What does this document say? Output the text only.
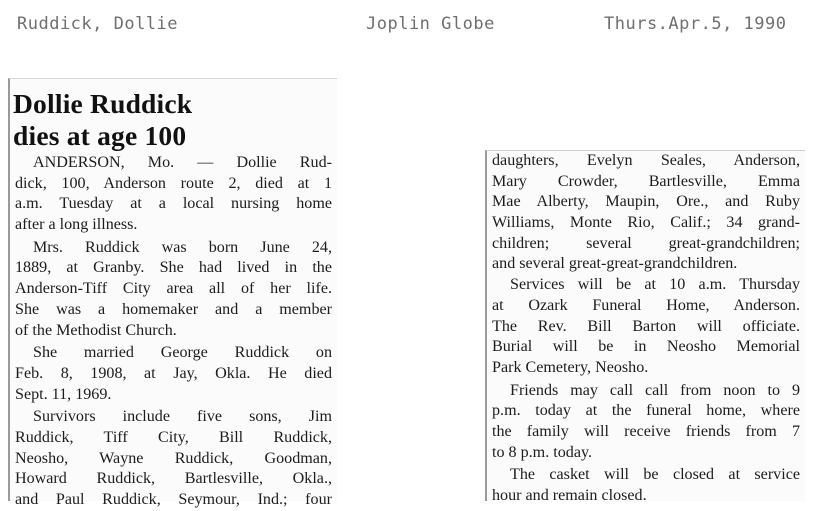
Ruddick, Dollie	Joplin Globe	Thurs.Apr.5, 1990
Dollie Ruddick
dies at age 100
ANDERSON, Mo. — Dollie Rud-
dick, 100, Anderson route 2, died at 1
a.m. Tuesday at a local nursing home
after a long illness.
Mrs. Ruddick was born June 24,
1889, at Granby. She had lived in the
Anderson-Tiff City area all of her life.
She was a homemaker and a member
of the Methodist Church.
She married George Ruddick on
Feb. 8, 1908, at Jay, Okla. He died
Sept. 11, 1969.
Survivors include five sons, Jim
Ruddick, Tiff City, Bill Ruddick,
Neosho, Wayne Ruddick, Goodman,
Howard Ruddick, Bartlesville, Okla.,
and Paul Ruddick, Seymour, Ind.; four
daughters, Evelyn Seales, Anderson,
Mary Crowder, Bartlesville, Emma
Mae Alberty, Maupin, Ore., and Ruby
Williams, Monte Rio, Calif.; 34 grand-
children; several great-grandchildren;
and several great-great-grandchildren.
Services will be at 10 a.m. Thursday
at Ozark Funeral Home, Anderson.
The Rev. Bill Barton will officiate.
Burial will be in Neosho Memorial
Park Cemetery, Neosho.
Friends may call call from noon to 9
p.m. today at the funeral home, where
the family will receive friends from 7
to 8 p.m. today.
The casket will be closed at service
hour and remain closed.
